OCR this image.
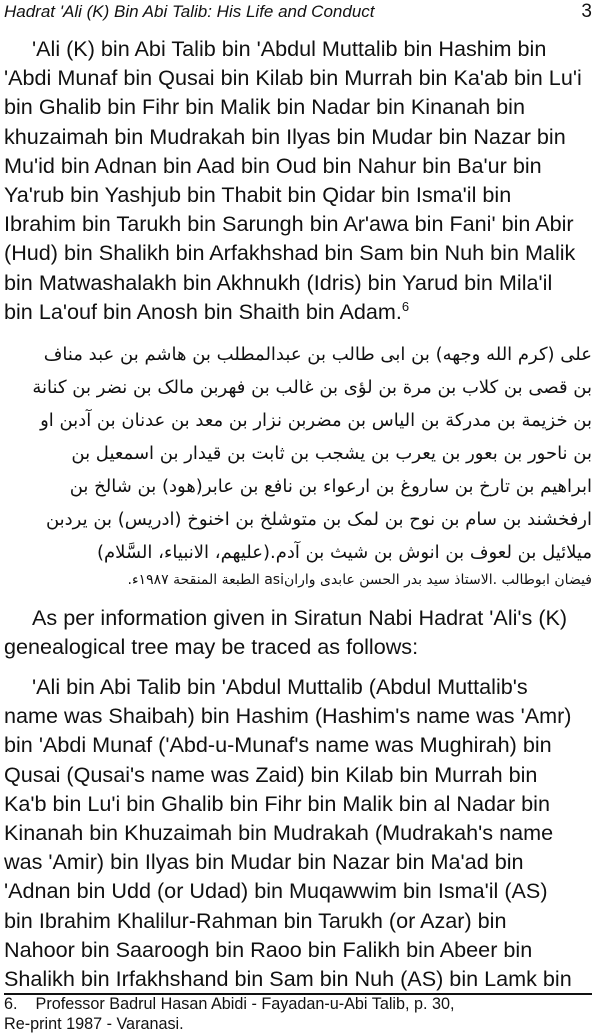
Hadrat 'Ali (K) Bin Abi Talib: His Life and Conduct	3
'Ali (K) bin Abi Talib bin 'Abdul Muttalib bin Hashim bin
'Abdi Munaf bin Qusai bin Kilab bin Murrah bin Ka'ab bin Lu'i
bin Ghalib bin Fihr bin Malik bin Nadar bin Kinanah bin
khuzaimah bin Mudrakah bin Ilyas bin Mudar bin Nazar bin
Mu'id bin Adnan bin Aad bin Oud bin Nahur bin Ba'ur bin
Ya'rub bin Yashjub bin Thabit bin Qidar bin Isma'il bin
Ibrahim bin Tarukh bin Sarungh bin Ar'awa bin Fani' bin Abir
(Hud) bin Shalikh bin Arfakhshad bin Sam bin Nuh bin Malik
bin Matwashalakh bin Akhnukh (Idris) bin Yarud bin Mila'il
bin La'ouf bin Anosh bin Shaith bin Adam.$^6$
علی (کرم الله وجهه) بن ابی طالب بن عبدالمطلب بن هاشم بن عبد مناف
بن قصی بن کلاب بن مرة بن لؤی بن غالب بن فهربن مالک بن نضر بن کنانة
بن خزیمة بن مدرکة بن الیاس بن مضربن نزار بن معد بن عدنان بن آدبن او
بن ناحور بن بعور بن یعرب بن یشجب بن ثابت بن قیدار بن اسمعیل بن
ابراهیم بن تارخ بن ساروغ بن ارعواء بن نافع بن عابر(هود) بن شالخ بن
ارفخشند بن سام بن نوح بن لمک بن متوشلخ بن اخنوخ (ادریس) بن یردبن
میلائیل بن لعوف بن انوش بن شیث بن آدم.(علیهم، الانبیاء، السَّلام)
فیضان ابوطالب .الاستاذ سید بدر الحسن عابدی وارانasi الطبعة المنقحة ۱۹۸۷ء.
As per information given in Siratun Nabi Hadrat 'Ali's (K)
genealogical tree may be traced as follows:
'Ali bin Abi Talib bin 'Abdul Muttalib (Abdul Muttalib's
name was Shaibah) bin Hashim (Hashim's name was 'Amr)
bin 'Abdi Munaf ('Abd-u-Munaf's name was Mughirah) bin
Qusai (Qusai's name was Zaid) bin Kilab bin Murrah bin
Ka'b bin Lu'i bin Ghalib bin Fihr bin Malik bin al Nadar bin
Kinanah bin Khuzaimah bin Mudrakah (Mudrakah's name
was 'Amir) bin Ilyas bin Mudar bin Nazar bin Ma'ad bin
'Adnan bin Udd (or Udad) bin Muqawwim bin Isma'il (AS)
bin Ibrahim Khalilur-Rahman bin Tarukh (or Azar) bin
Nahoor bin Saaroogh bin Raoo bin Falikh bin Abeer bin
Shalikh bin Irfakhshand bin Sam bin Nuh (AS) bin Lamk bin
6. Professor Badrul Hasan Abidi - Fayadan-u-Abi Talib, p. 30,
Re-print 1987 - Varanasi.
